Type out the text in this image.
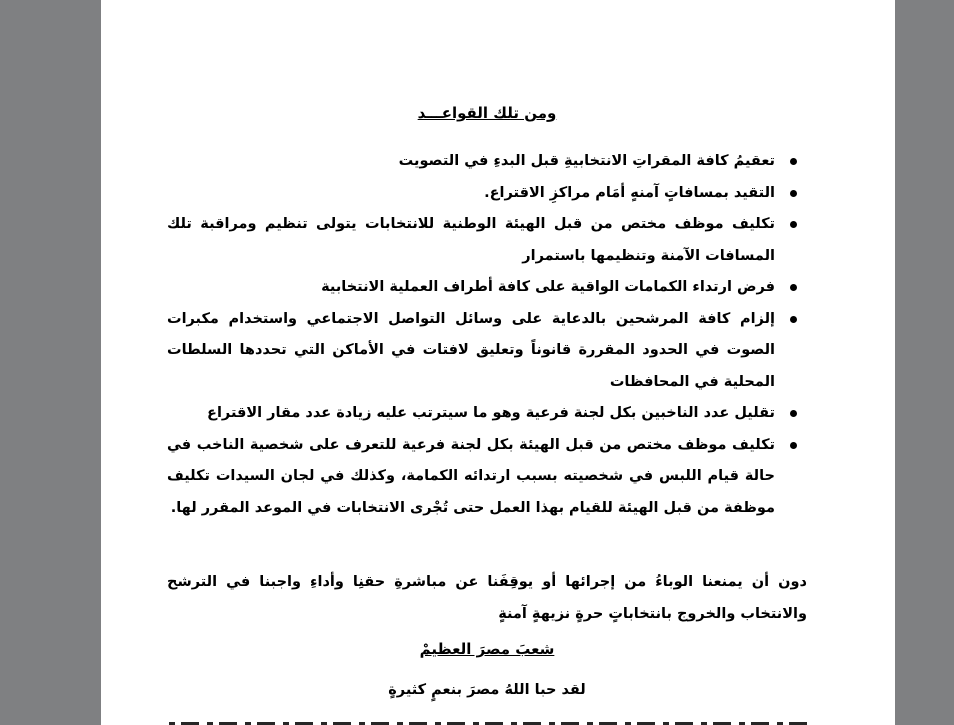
ومن تلك القواعـــد
تعقيمُ كافة المقراتِ الانتخابيةِ قبل البدءِ في التصويت
التقيد بمسافاتٍ آمنهٍ أمَام مراكزِ الاقتراع.
تكليف موظف مختص من قبل الهيئة الوطنية للانتخابات يتولى تنظيم ومراقبة تلك المسافات الآمنة وتنظيمها باستمرار
فرض ارتداء الكمامات الواقية على كافة أطراف العملية الانتخابية
إلزام كافة المرشحين بالدعاية على وسائل التواصل الاجتماعي واستخدام مكبرات الصوت في الحدود المقررة قانوناً وتعليق لافتات في الأماكن التي تحددها السلطات المحلية في المحافظات
تقليل عدد الناخبين بكل لجنة فرعية وهو ما سيترتب عليه زيادة عدد مقار الاقتراع
تكليف موظف مختص من قبل الهيئة بكل لجنة فرعية للتعرف على شخصية الناخب في حالة قيام اللبس في شخصيته بسبب ارتدائه الكمامة، وكذلك في لجان السيدات تكليف موظفة من قبل الهيئة للقيام بهذا العمل حتى تُجْرى الانتخابات في الموعد المقرر لها.
دون أن يمنعنا الوباءُ من إجرائها أو يوقِفَنا عن مباشرةِ حقنِا وأداءِ واجبنا في الترشح والانتخاب والخروج بانتخاباتٍ حرةٍ نزيهةٍ آمنةٍ
شعبَ مصرَ العظيمْ
لقد حبا اللهُ مصرَ بنعمٍ كثيرةٍ
